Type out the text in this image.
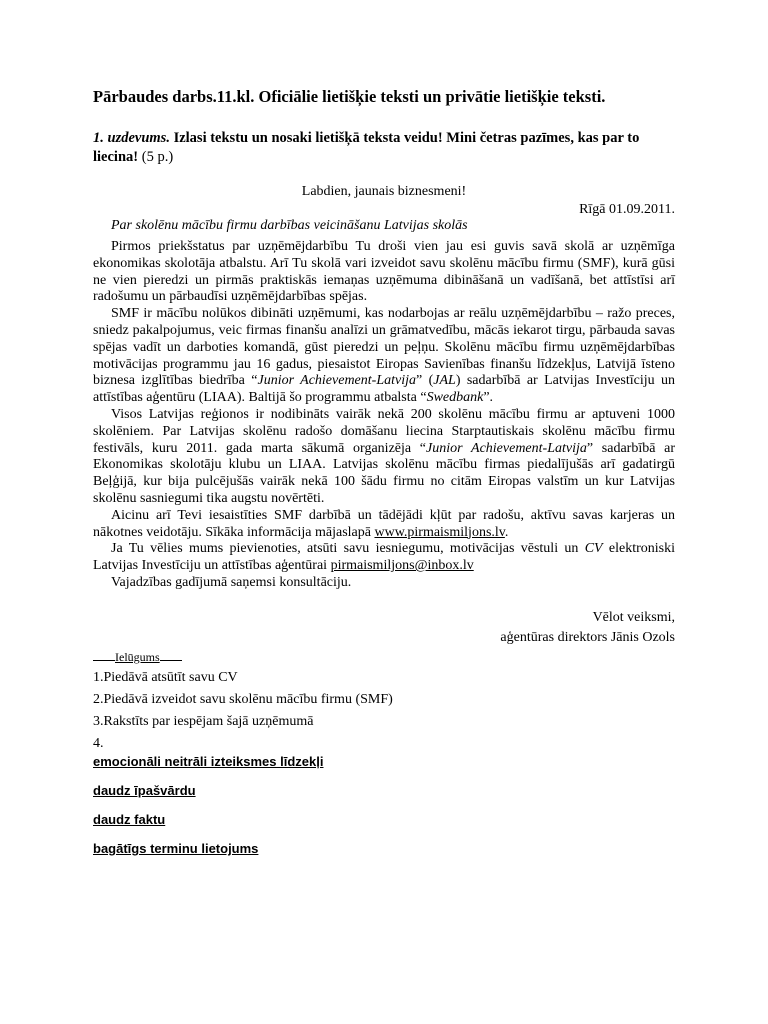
Pārbaudes darbs.11.kl. Oficiālie lietišķie teksti un privātie lietišķie teksti.

1. uzdevums. Izlasi tekstu un nosaki lietišķā teksta veidu! Mini četras pazīmes, kas par to liecina! (5 p.)

Labdien, jaunais biznesmeni!
Rīgā 01.09.2011.
Par skolēnu mācību firmu darbības veicināšanu Latvijas skolās

Pirmos priekšstatus par uzņēmējdarbību Tu droši vien jau esi guvis savā skolā ar uzņēmīga ekonomikas skolotāja atbalstu. Arī Tu skolā vari izveidot savu skolēnu mācību firmu (SMF), kurā gūsi ne vien pieredzi un pirmās praktiskās iemaņas uzņēmuma dibināšanā un vadīšanā, bet attīstīsi arī radošumu un pārbaudīsi uzņēmējdarbības spējas.

SMF ir mācību nolūkos dibināti uzņēmumi, kas nodarbojas ar reālu uzņēmējdarbību – ražo preces, sniedz pakalpojumus, veic firmas finanšu analīzi un grāmatvedību, mācās iekarot tirgu, pārbauda savas spējas vadīt un darboties komandā, gūst pieredzi un peļņu. Skolēnu mācību firmu uzņēmējdarbības motivācijas programmu jau 16 gadus, piesaistot Eiropas Savienības finanšu līdzekļus, Latvijā īsteno biznesa izglītības biedrība “Junior Achievement-Latvija” (JAL) sadarbībā ar Latvijas Investīciju un attīstības aģentūru (LIAA). Baltijā šo programmu atbalsta “Swedbank”.

Visos Latvijas reģionos ir nodibināts vairāk nekā 200 skolēnu mācību firmu ar aptuveni 1000 skolēniem. Par Latvijas skolēnu radošo domāšanu liecina Starptautiskais skolēnu mācību firmu festivāls, kuru 2011. gada marta sākumā organizēja “Junior Achievement-Latvija” sadarbībā ar Ekonomikas skolotāju klubu un LIAA. Latvijas skolēnu mācību firmas piedalījušās arī gadatirgū Beļģijā, kur bija pulcējušās vairāk nekā 100 šādu firmu no citām Eiropas valstīm un kur Latvijas skolēnu sasniegumi tika augstu novērtēti.

Aicinu arī Tevi iesaistīties SMF darbībā un tādējādi kļūt par radošu, aktīvu savas karjeras un nākotnes veidotāju. Sīkāka informācija mājaslapā www.pirmaismiljons.lv.

Ja Tu vēlies mums pievienoties, atsūti savu iesniegumu, motivācijas vēstuli un CV elektroniski Latvijas Investīciju un attīstības aģentūrai pirmaismiljons@inbox.lv

Vajadzības gadījumā saņemsi konsultāciju.

Vēlot veiksmi,
aģentūras direktors Jānis Ozols
Ielūgums
1.Piedāvā atsūtīt savu CV
2.Piedāvā izveidot savu skolēnu mācību firmu (SMF)
3.Rakstīts par iespējam šajā uzņēmumā
4.
emocionāli neitrāli izteiksmes līdzekļi
daudz īpašvārdu
daudz faktu
bagātīgs terminu lietojums
